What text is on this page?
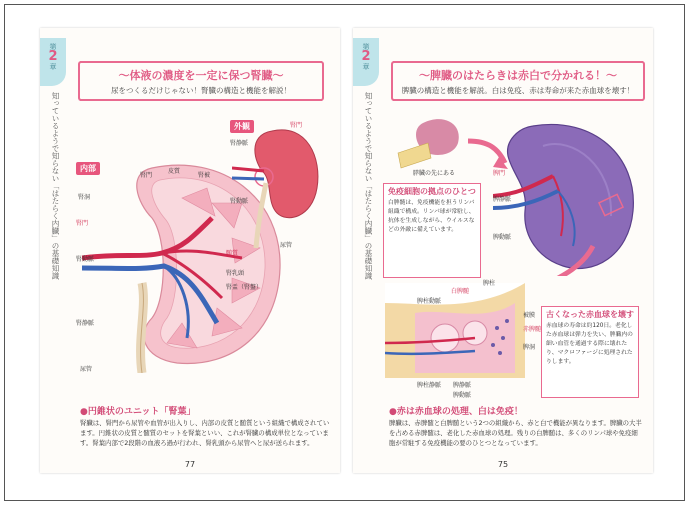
第
2
章
知っているようで知らない「はたらく内臓」の基礎知識
〜体液の濃度を一定に保つ腎臓〜
尿をつくるだけじゃない！腎臓の構造と機能を解説！
内部	皮質
腎被
腎門
腎洞
髄質
腎乳頭
腎盂（腎盤）
腎動脈
腎静脈
尿管
腎門
外観	腎門
腎静脈
腎動脈
尿管
●円錐状のユニット「腎葉」
腎臓は、腎門から尿管や血管が出入りし、内部の皮質と髄質という組織で構成されています。円錐状の皮質と髄質のセットを腎葉といい、これが腎臓の構成単位となっています。腎葉内部で2段階の血液ろ過が行われ、腎乳頭から尿管へと尿が送られます。
77
第
2
章
知っているようで知らない「はたらく内臓」の基礎知識
〜脾臓のはたらきは赤白で分かれる！〜
脾臓の構造と機能を解説。白は免疫、赤は寿命が来た赤血球を壊す！
膵臓の先にある	脾門
脾静脈
脾動脈
免疫細胞の拠点のひとつ
白脾髄は、免疫機能を担うリンパ組織で構成。リンパ球が常駐し、抗体を生成しながら、ウイルスなどの外敵に備えています。
白脾髄
赤脾髄
脾柱
被膜
脾洞
脾柱動脈
脾柱静脈 脾静脈
脾動脈
古くなった赤血球を壊す
赤血球の寿命は約120日。老化した赤血球は弾力を失い、脾臓内の細い血管を通過する際に壊れたり、マクロファージに処理されたりします。
●赤は赤血球の処理、白は免疫！
脾臓は、赤脾髄と白脾髄という2つの組織から、赤と白で機能が異なります。脾臓の大半を占める赤脾髄は、老化した赤血球の処理。残りの白脾髄は、多くのリンパ球や免疫細胞が常駐する免疫機能の要のひとつとなっています。
75
